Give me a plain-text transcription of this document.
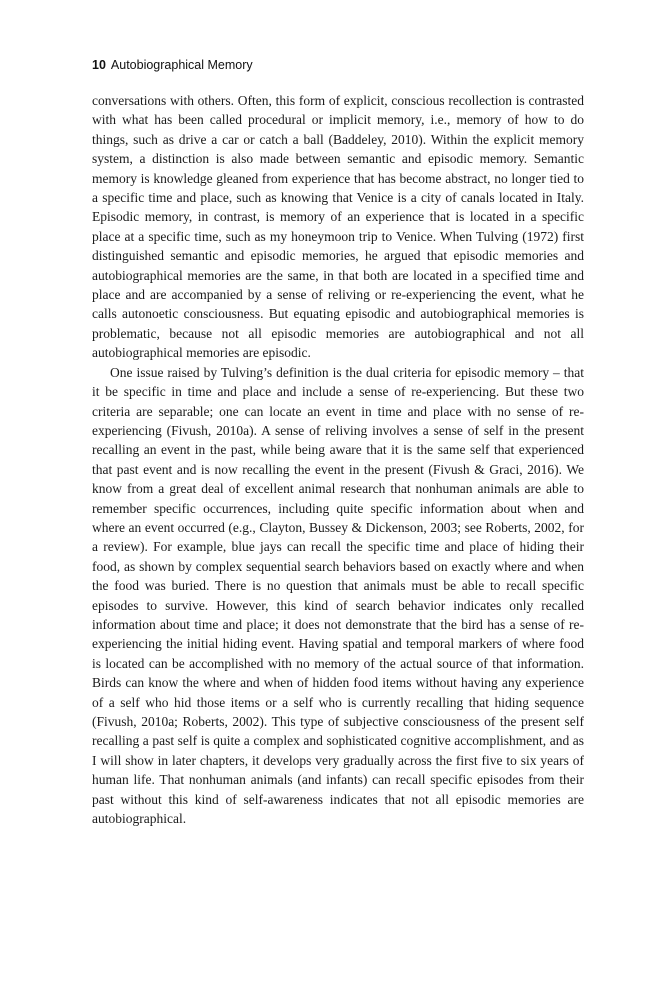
10 Autobiographical Memory

conversations with others. Often, this form of explicit, conscious recollection is contrasted with what has been called procedural or implicit memory, i.e., memory of how to do things, such as drive a car or catch a ball (Baddeley, 2010). Within the explicit memory system, a distinction is also made between semantic and episodic memory. Semantic memory is knowledge gleaned from experience that has become abstract, no longer tied to a specific time and place, such as knowing that Venice is a city of canals located in Italy. Episodic memory, in contrast, is memory of an experience that is located in a specific place at a specific time, such as my honeymoon trip to Venice. When Tulving (1972) first distinguished semantic and episodic memories, he argued that episodic memories and autobiographical memories are the same, in that both are located in a specified time and place and are accompanied by a sense of reliving or re-experiencing the event, what he calls autonoetic consciousness. But equating episodic and autobiographical memories is problematic, because not all episodic memories are autobiographical and not all autobiographical memories are episodic.

One issue raised by Tulving’s definition is the dual criteria for episodic memory – that it be specific in time and place and include a sense of re-experiencing. But these two criteria are separable; one can locate an event in time and place with no sense of re-experiencing (Fivush, 2010a). A sense of reliving involves a sense of self in the present recalling an event in the past, while being aware that it is the same self that experienced that past event and is now recalling the event in the present (Fivush & Graci, 2016). We know from a great deal of excellent animal research that nonhuman animals are able to remember specific occurrences, including quite specific information about when and where an event occurred (e.g., Clayton, Bussey & Dickenson, 2003; see Roberts, 2002, for a review). For example, blue jays can recall the specific time and place of hiding their food, as shown by complex sequential search behaviors based on exactly where and when the food was buried. There is no question that animals must be able to recall specific episodes to survive. However, this kind of search behavior indicates only recalled information about time and place; it does not demonstrate that the bird has a sense of re-experiencing the initial hiding event. Having spatial and temporal markers of where food is located can be accomplished with no memory of the actual source of that information. Birds can know the where and when of hidden food items without having any experience of a self who hid those items or a self who is currently recalling that hiding sequence (Fivush, 2010a; Roberts, 2002). This type of subjective consciousness of the present self recalling a past self is quite a complex and sophisticated cognitive accomplishment, and as I will show in later chapters, it develops very gradually across the first five to six years of human life. That nonhuman animals (and infants) can recall specific episodes from their past without this kind of self-awareness indicates that not all episodic memories are autobiographical.
